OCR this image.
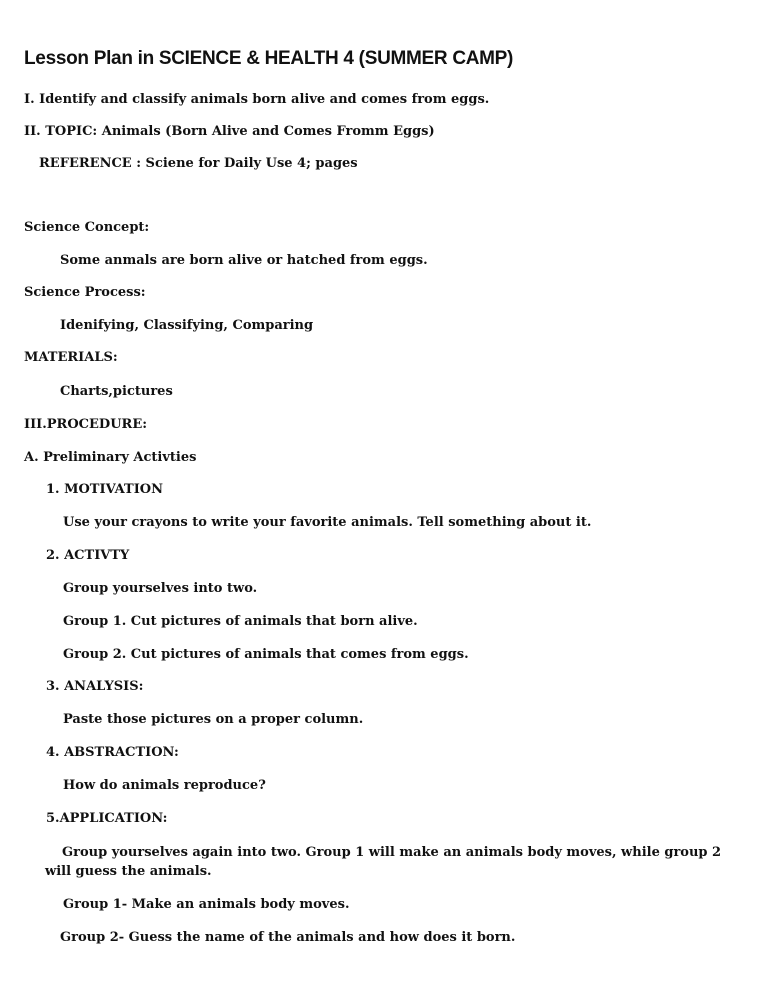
Lesson Plan in SCIENCE & HEALTH 4 (SUMMER CAMP)
I. Identify and classify animals born alive and comes from eggs.
II. TOPIC: Animals (Born Alive and Comes Fromm Eggs)
REFERENCE : Sciene for Daily Use 4; pages
Science Concept:
Some anmals are born alive or hatched from eggs.
Science Process:
Idenifying, Classifying, Comparing
MATERIALS:
Charts,pictures
III.PROCEDURE:
A. Preliminary Activties
1. MOTIVATION
Use your crayons to write your favorite animals. Tell something about it.
2. ACTIVTY
Group yourselves into two.
Group 1. Cut pictures of animals that born alive.
Group 2. Cut pictures of animals that comes from eggs.
3. ANALYSIS:
Paste those pictures on a proper column.
4. ABSTRACTION:
How do animals reproduce?
5.APPLICATION:
Group yourselves again into two. Group 1 will make an animals body moves, while group 2 will guess the animals.
Group 1- Make an animals body moves.
Group 2- Guess the name of the animals and how does it born.
